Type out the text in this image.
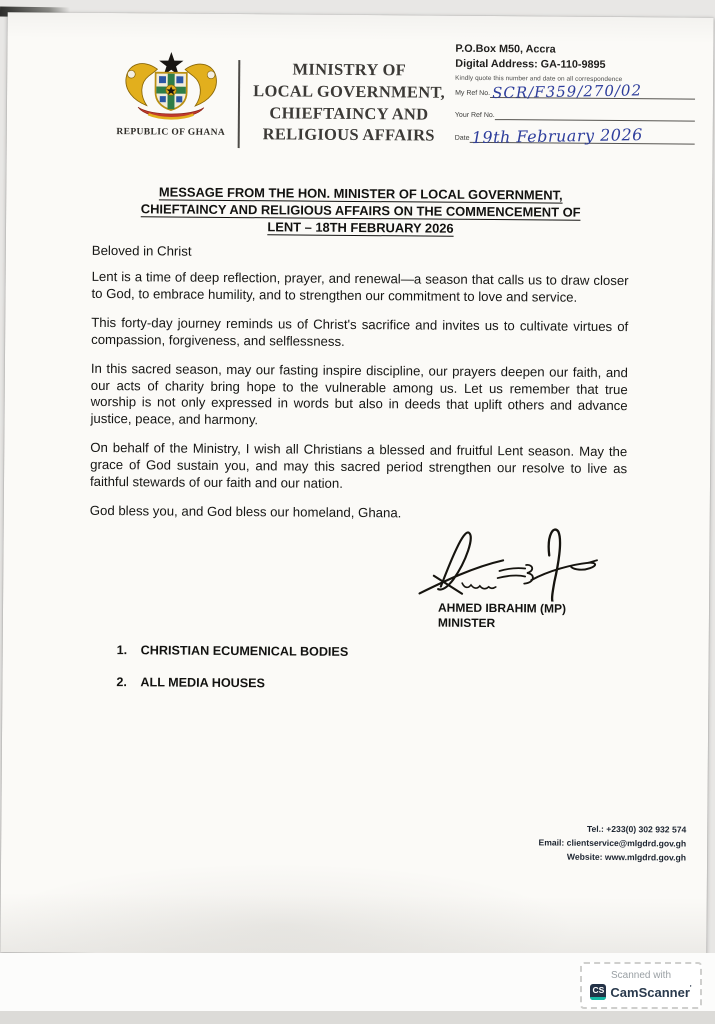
REPUBLIC OF GHANA
MINISTRY OF
LOCAL GOVERNMENT,
CHIEFTAINCY AND
RELIGIOUS AFFAIRS
P.O.Box M50, Accra
Digital Address: GA-110-9895
Kindly quote this number and date on all correspondence
My Ref No. SCR/F359/270/02
Your Ref No.
Date 19th February 2026
MESSAGE FROM THE HON. MINISTER OF LOCAL GOVERNMENT,
CHIEFTAINCY AND RELIGIOUS AFFAIRS ON THE COMMENCEMENT OF
LENT – 18TH FEBRUARY 2026

Beloved in Christ

Lent is a time of deep reflection, prayer, and renewal—a season that calls us to draw closer to God, to embrace humility, and to strengthen our commitment to love and service.

This forty-day journey reminds us of Christ's sacrifice and invites us to cultivate virtues of compassion, forgiveness, and selflessness.

In this sacred season, may our fasting inspire discipline, our prayers deepen our faith, and our acts of charity bring hope to the vulnerable among us. Let us remember that true worship is not only expressed in words but also in deeds that uplift others and advance justice, peace, and harmony.

On behalf of the Ministry, I wish all Christians a blessed and fruitful Lent season. May the grace of God sustain you, and may this sacred period strengthen our resolve to live as faithful stewards of our faith and our nation.

God bless you, and God bless our homeland, Ghana.

AHMED IBRAHIM (MP)
MINISTER
1.	CHRISTIAN ECUMENICAL BODIES
2.	ALL MEDIA HOUSES
Tel.: +233(0) 302 932 574
Email: clientservice@mlgdrd.gov.gh
Website: www.mlgdrd.gov.gh
Scanned with
CS CamScanner'
